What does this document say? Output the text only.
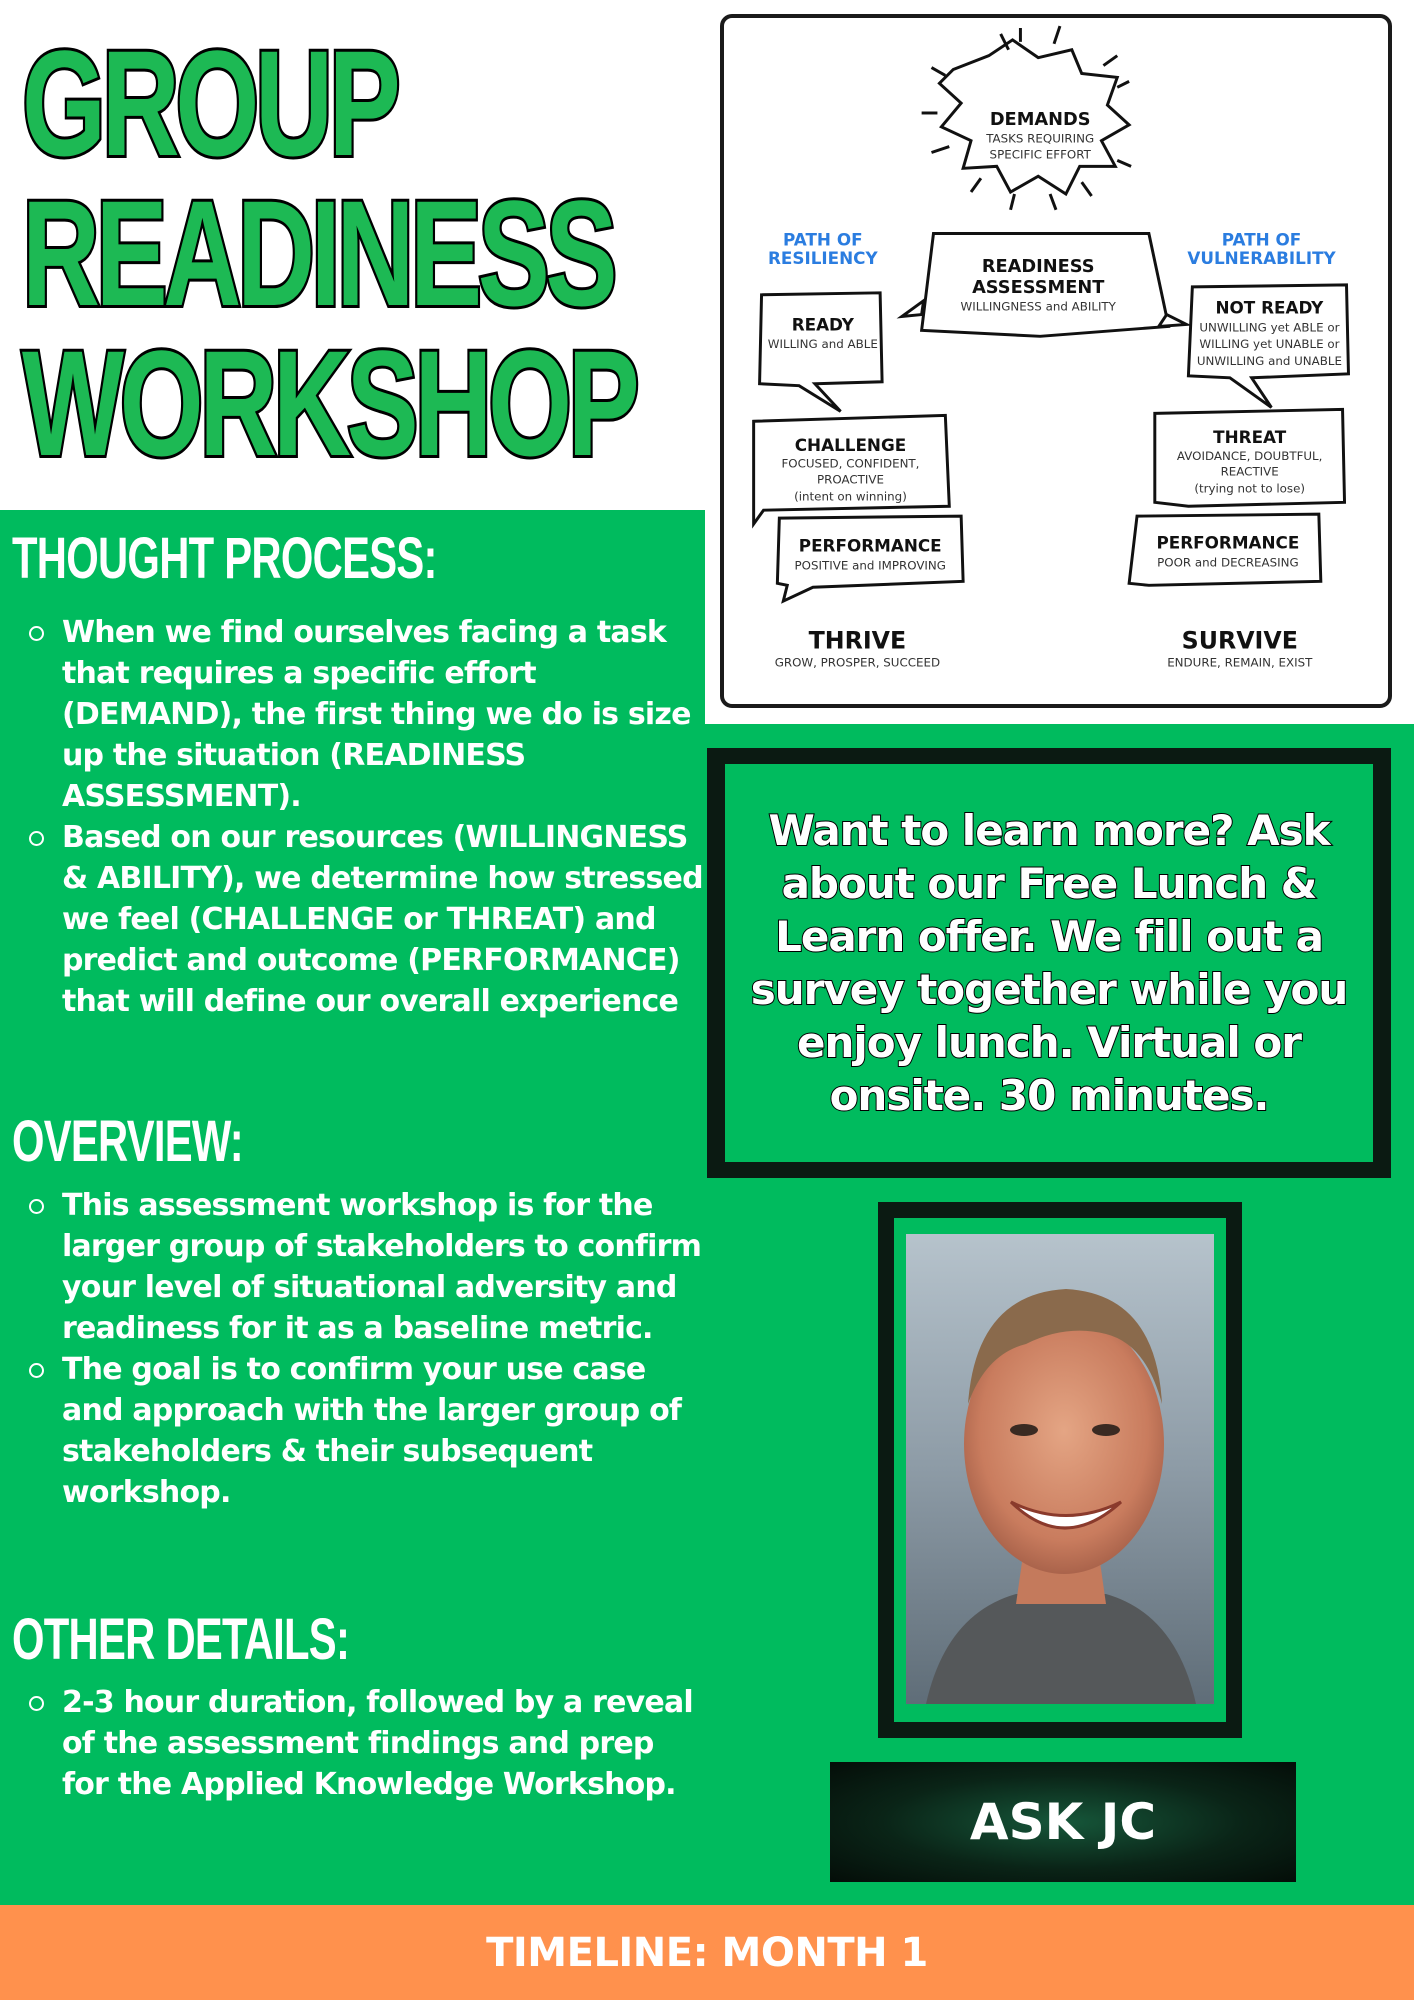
GROUP
READINESS
WORKSHOP
THOUGHT PROCESS:
When we find ourselves facing a task that requires a specific effort (DEMAND), the first thing we do is size up the situation (READINESS ASSESSMENT).
Based on our resources (WILLINGNESS & ABILITY), we determine how stressed we feel (CHALLENGE or THREAT) and predict and outcome (PERFORMANCE) that will define our overall experience
OVERVIEW:
This assessment workshop is for the larger group of stakeholders to confirm your level of situational adversity and readiness for it as a baseline metric.
The goal is to confirm your use case and approach with the larger group of stakeholders & their subsequent workshop.
OTHER DETAILS:
2-3 hour duration, followed by a reveal of the assessment findings and prep for the Applied Knowledge Workshop.
DEMANDS
TASKS REQUIRING
SPECIFIC EFFORT
PATH OF
RESILIENCY
PATH OF
VULNERABILITY
READINESS
ASSESSMENT
WILLINGNESS and ABILITY
READY
WILLING and ABLE
NOT READY
UNWILLING yet ABLE or
WILLING yet UNABLE or
UNWILLING and UNABLE
CHALLENGE
FOCUSED, CONFIDENT,
PROACTIVE
(intent on winning)
THREAT
AVOIDANCE, DOUBTFUL,
REACTIVE
(trying not to lose)
PERFORMANCE
POSITIVE and IMPROVING
PERFORMANCE
POOR and DECREASING
THRIVE
GROW, PROSPER, SUCCEED
SURVIVE
ENDURE, REMAIN, EXIST
Want to learn more? Ask about our Free Lunch & Learn offer. We fill out a survey together while you enjoy lunch. Virtual or onsite. 30 minutes.
ASK JC
TIMELINE: MONTH 1
